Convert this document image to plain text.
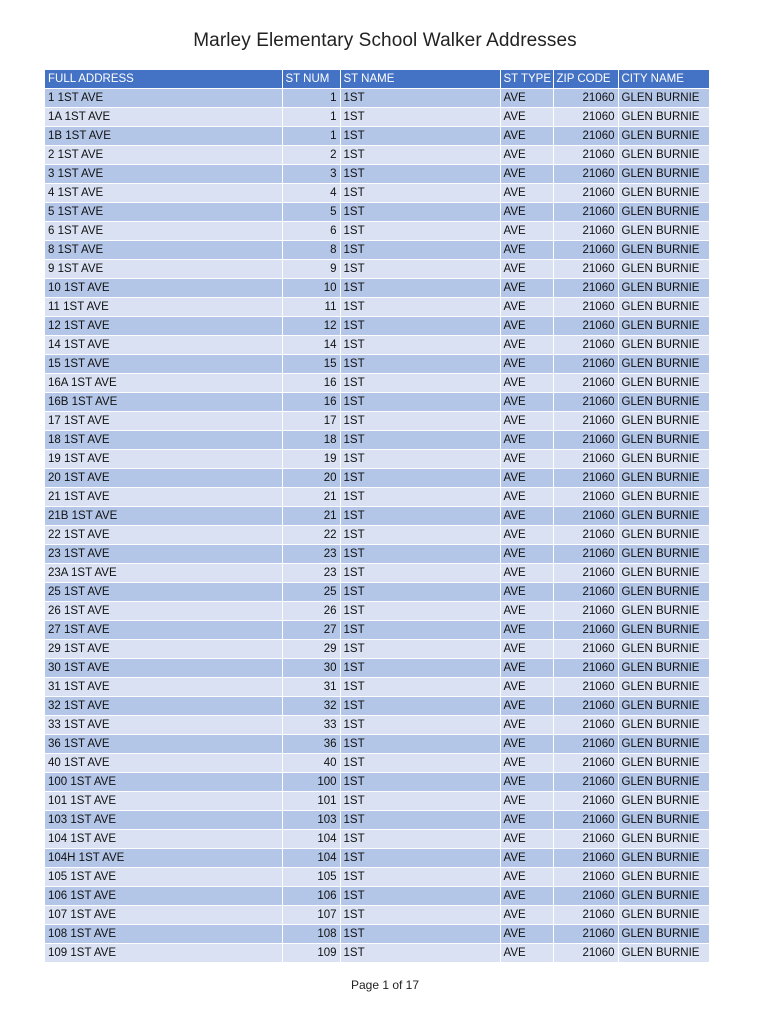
Marley Elementary School Walker Addresses
FULL ADDRESS	ST NUM	ST NAME	ST TYPE	ZIP CODE	CITY NAME
1 1ST AVE	1	1ST	AVE	21060	GLEN BURNIE
1A 1ST AVE	1	1ST	AVE	21060	GLEN BURNIE
1B 1ST AVE	1	1ST	AVE	21060	GLEN BURNIE
2 1ST AVE	2	1ST	AVE	21060	GLEN BURNIE
3 1ST AVE	3	1ST	AVE	21060	GLEN BURNIE
4 1ST AVE	4	1ST	AVE	21060	GLEN BURNIE
5 1ST AVE	5	1ST	AVE	21060	GLEN BURNIE
6 1ST AVE	6	1ST	AVE	21060	GLEN BURNIE
8 1ST AVE	8	1ST	AVE	21060	GLEN BURNIE
9 1ST AVE	9	1ST	AVE	21060	GLEN BURNIE
10 1ST AVE	10	1ST	AVE	21060	GLEN BURNIE
11 1ST AVE	11	1ST	AVE	21060	GLEN BURNIE
12 1ST AVE	12	1ST	AVE	21060	GLEN BURNIE
14 1ST AVE	14	1ST	AVE	21060	GLEN BURNIE
15 1ST AVE	15	1ST	AVE	21060	GLEN BURNIE
16A 1ST AVE	16	1ST	AVE	21060	GLEN BURNIE
16B 1ST AVE	16	1ST	AVE	21060	GLEN BURNIE
17 1ST AVE	17	1ST	AVE	21060	GLEN BURNIE
18 1ST AVE	18	1ST	AVE	21060	GLEN BURNIE
19 1ST AVE	19	1ST	AVE	21060	GLEN BURNIE
20 1ST AVE	20	1ST	AVE	21060	GLEN BURNIE
21 1ST AVE	21	1ST	AVE	21060	GLEN BURNIE
21B 1ST AVE	21	1ST	AVE	21060	GLEN BURNIE
22 1ST AVE	22	1ST	AVE	21060	GLEN BURNIE
23 1ST AVE	23	1ST	AVE	21060	GLEN BURNIE
23A 1ST AVE	23	1ST	AVE	21060	GLEN BURNIE
25 1ST AVE	25	1ST	AVE	21060	GLEN BURNIE
26 1ST AVE	26	1ST	AVE	21060	GLEN BURNIE
27 1ST AVE	27	1ST	AVE	21060	GLEN BURNIE
29 1ST AVE	29	1ST	AVE	21060	GLEN BURNIE
30 1ST AVE	30	1ST	AVE	21060	GLEN BURNIE
31 1ST AVE	31	1ST	AVE	21060	GLEN BURNIE
32 1ST AVE	32	1ST	AVE	21060	GLEN BURNIE
33 1ST AVE	33	1ST	AVE	21060	GLEN BURNIE
36 1ST AVE	36	1ST	AVE	21060	GLEN BURNIE
40 1ST AVE	40	1ST	AVE	21060	GLEN BURNIE
100 1ST AVE	100	1ST	AVE	21060	GLEN BURNIE
101 1ST AVE	101	1ST	AVE	21060	GLEN BURNIE
103 1ST AVE	103	1ST	AVE	21060	GLEN BURNIE
104 1ST AVE	104	1ST	AVE	21060	GLEN BURNIE
104H 1ST AVE	104	1ST	AVE	21060	GLEN BURNIE
105 1ST AVE	105	1ST	AVE	21060	GLEN BURNIE
106 1ST AVE	106	1ST	AVE	21060	GLEN BURNIE
107 1ST AVE	107	1ST	AVE	21060	GLEN BURNIE
108 1ST AVE	108	1ST	AVE	21060	GLEN BURNIE
109 1ST AVE	109	1ST	AVE	21060	GLEN BURNIE
Page 1 of 17
